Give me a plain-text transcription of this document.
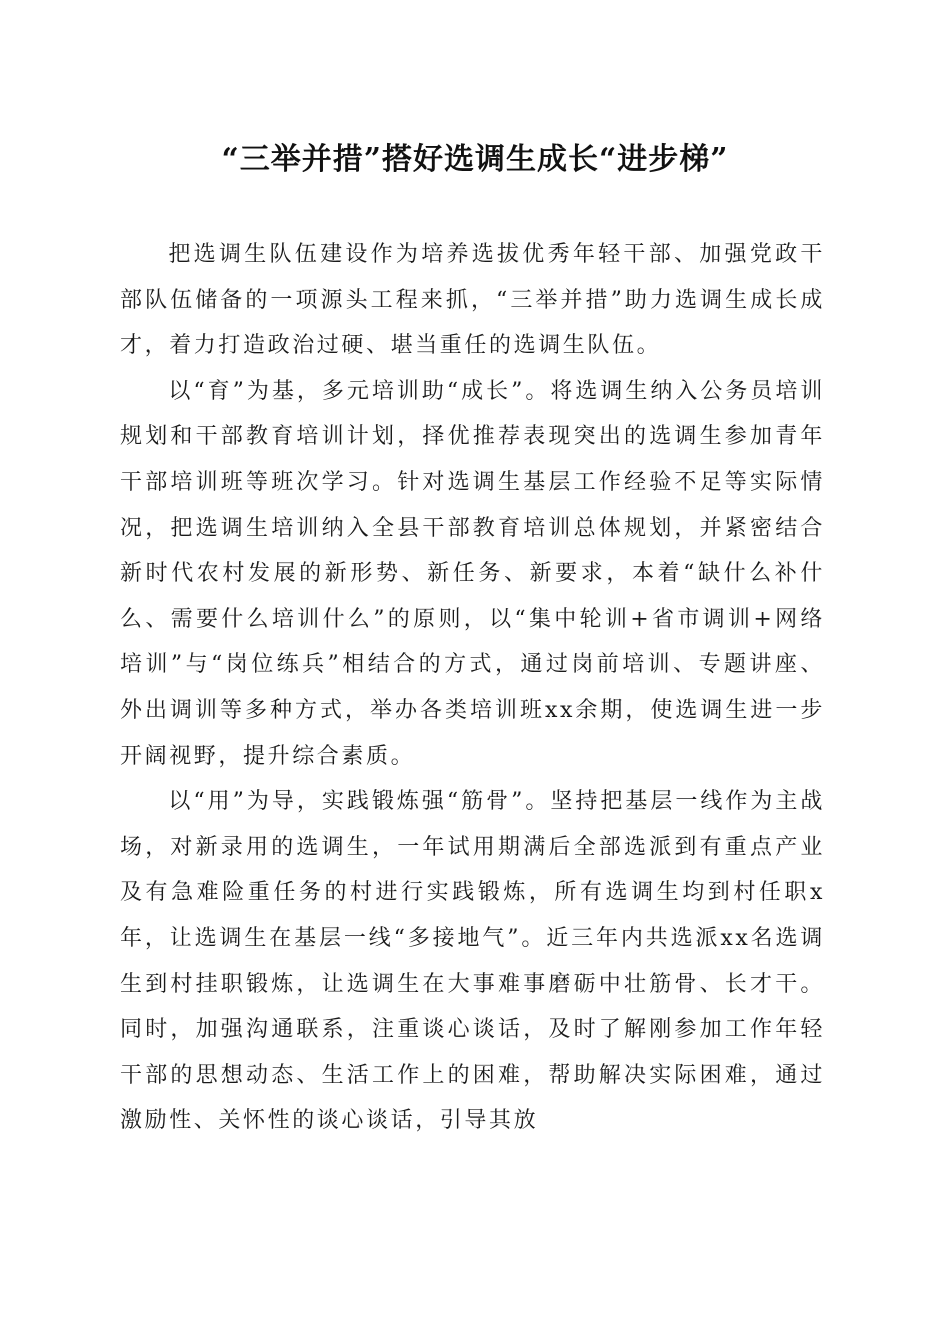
“三举并措”搭好选调生成长“进步梯”

把选调生队伍建设作为培养选拔优秀年轻干部、加强党政干部队伍储备的一项源头工程来抓，“三举并措”助力选调生成长成才，着力打造政治过硬、堪当重任的选调生队伍。

以“育”为基，多元培训助“成长”。将选调生纳入公务员培训规划和干部教育培训计划，择优推荐表现突出的选调生参加青年干部培训班等班次学习。针对选调生基层工作经验不足等实际情况，把选调生培训纳入全县干部教育培训总体规划，并紧密结合新时代农村发展的新形势、新任务、新要求，本着“缺什么补什么、需要什么培训什么”的原则，以“集中轮训+省市调训+网络培训”与“岗位练兵”相结合的方式，通过岗前培训、专题讲座、外出调训等多种方式，举办各类培训班xx余期，使选调生进一步开阔视野，提升综合素质。

以“用”为导，实践锻炼强“筋骨”。坚持把基层一线作为主战场，对新录用的选调生，一年试用期满后全部选派到有重点产业及有急难险重任务的村进行实践锻炼，所有选调生均到村任职x年，让选调生在基层一线“多接地气”。近三年内共选派xx名选调生到村挂职锻炼，让选调生在大事难事磨砺中壮筋骨、长才干。同时，加强沟通联系，注重谈心谈话，及时了解刚参加工作年轻干部的思想动态、生活工作上的困难，帮助解决实际困难，通过激励性、关怀性的谈心谈话，引导其放
